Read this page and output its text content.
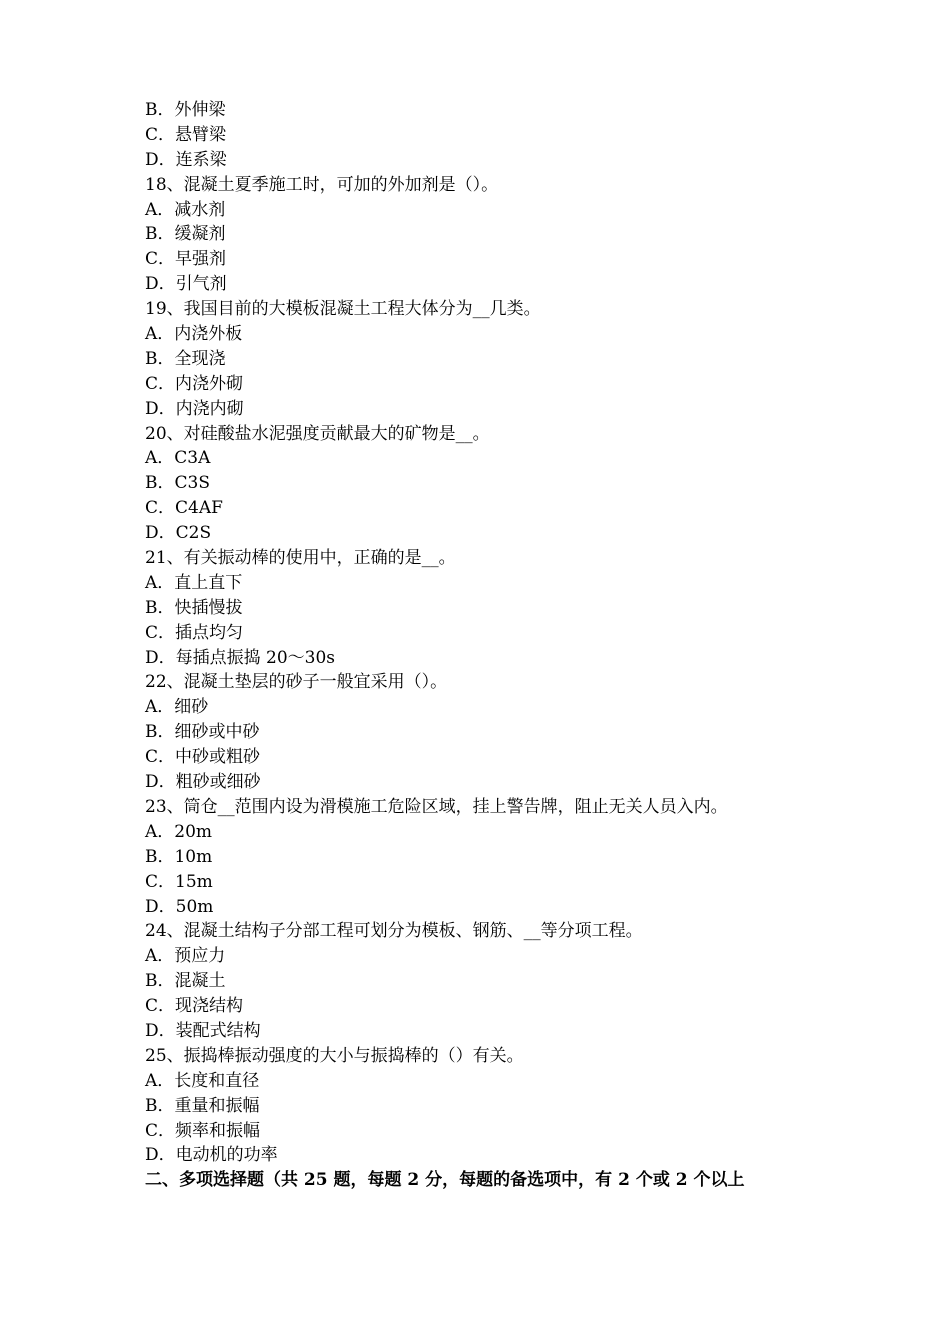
B．外伸梁
C．悬臂梁
D．连系梁
18、混凝土夏季施工时，可加的外加剂是（）。
A．减水剂
B．缓凝剂
C．早强剂
D．引气剂
19、我国目前的大模板混凝土工程大体分为__几类。
A．内浇外板
B．全现浇
C．内浇外砌
D．内浇内砌
20、对硅酸盐水泥强度贡献最大的矿物是__。
A．C3A
B．C3S
C．C4AF
D．C2S
21、有关振动棒的使用中，正确的是__。
A．直上直下
B．快插慢拔
C．插点均匀
D．每插点振捣 20～30s
22、混凝土垫层的砂子一般宜采用（）。
A．细砂
B．细砂或中砂
C．中砂或粗砂
D．粗砂或细砂
23、筒仓__范围内设为滑模施工危险区域，挂上警告牌，阻止无关人员入内。
A．20m
B．10m
C．15m
D．50m
24、混凝土结构子分部工程可划分为模板、钢筋、__等分项工程。
A．预应力
B．混凝土
C．现浇结构
D．装配式结构
25、振捣棒振动强度的大小与振捣棒的（）有关。
A．长度和直径
B．重量和振幅
C．频率和振幅
D．电动机的功率
二、多项选择题（共 25 题，每题 2 分，每题的备选项中，有 2 个或 2 个以上
